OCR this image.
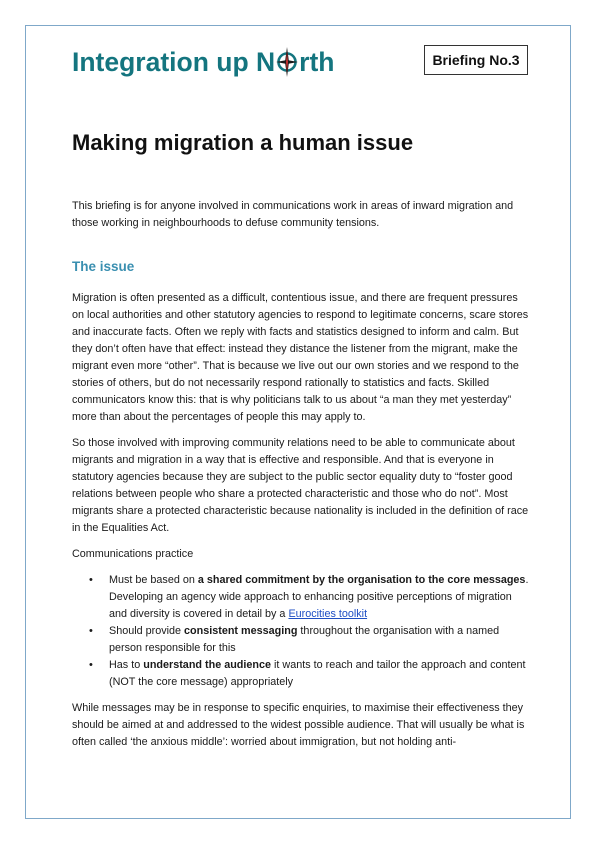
Integration up N rth	Briefing No.3
Making migration a human issue

This briefing is for anyone involved in communications work in areas of inward migration and those working in neighbourhoods to defuse community tensions.

The issue

Migration is often presented as a difficult, contentious issue, and there are frequent pressures on local authorities and other statutory agencies to respond to legitimate concerns, scare stores and inaccurate facts. Often we reply with facts and statistics designed to inform and calm. But they don’t often have that effect: instead they distance the listener from the migrant, make the migrant even more “other”. That is because we live out our own stories and we respond to the stories of others, but do not necessarily respond rationally to statistics and facts. Skilled communicators know this: that is why politicians talk to us about “a man they met yesterday” more than about the percentages of people this may apply to.

So those involved with improving community relations need to be able to communicate about migrants and migration in a way that is effective and responsible. And that is everyone in statutory agencies because they are subject to the public sector equality duty to “foster good relations between people who share a protected characteristic and those who do not”. Most migrants share a protected characteristic because nationality is included in the definition of race in the Equalities Act.

Communications practice

• Must be based on a shared commitment by the organisation to the core messages. Developing an agency wide approach to enhancing positive perceptions of migration and diversity is covered in detail by a Eurocities toolkit
• Should provide consistent messaging throughout the organisation with a named person responsible for this
• Has to understand the audience it wants to reach and tailor the approach and content (NOT the core message) appropriately

While messages may be in response to specific enquiries, to maximise their effectiveness they should be aimed at and addressed to the widest possible audience. That will usually be what is often called ‘the anxious middle’: worried about immigration, but not holding anti-
